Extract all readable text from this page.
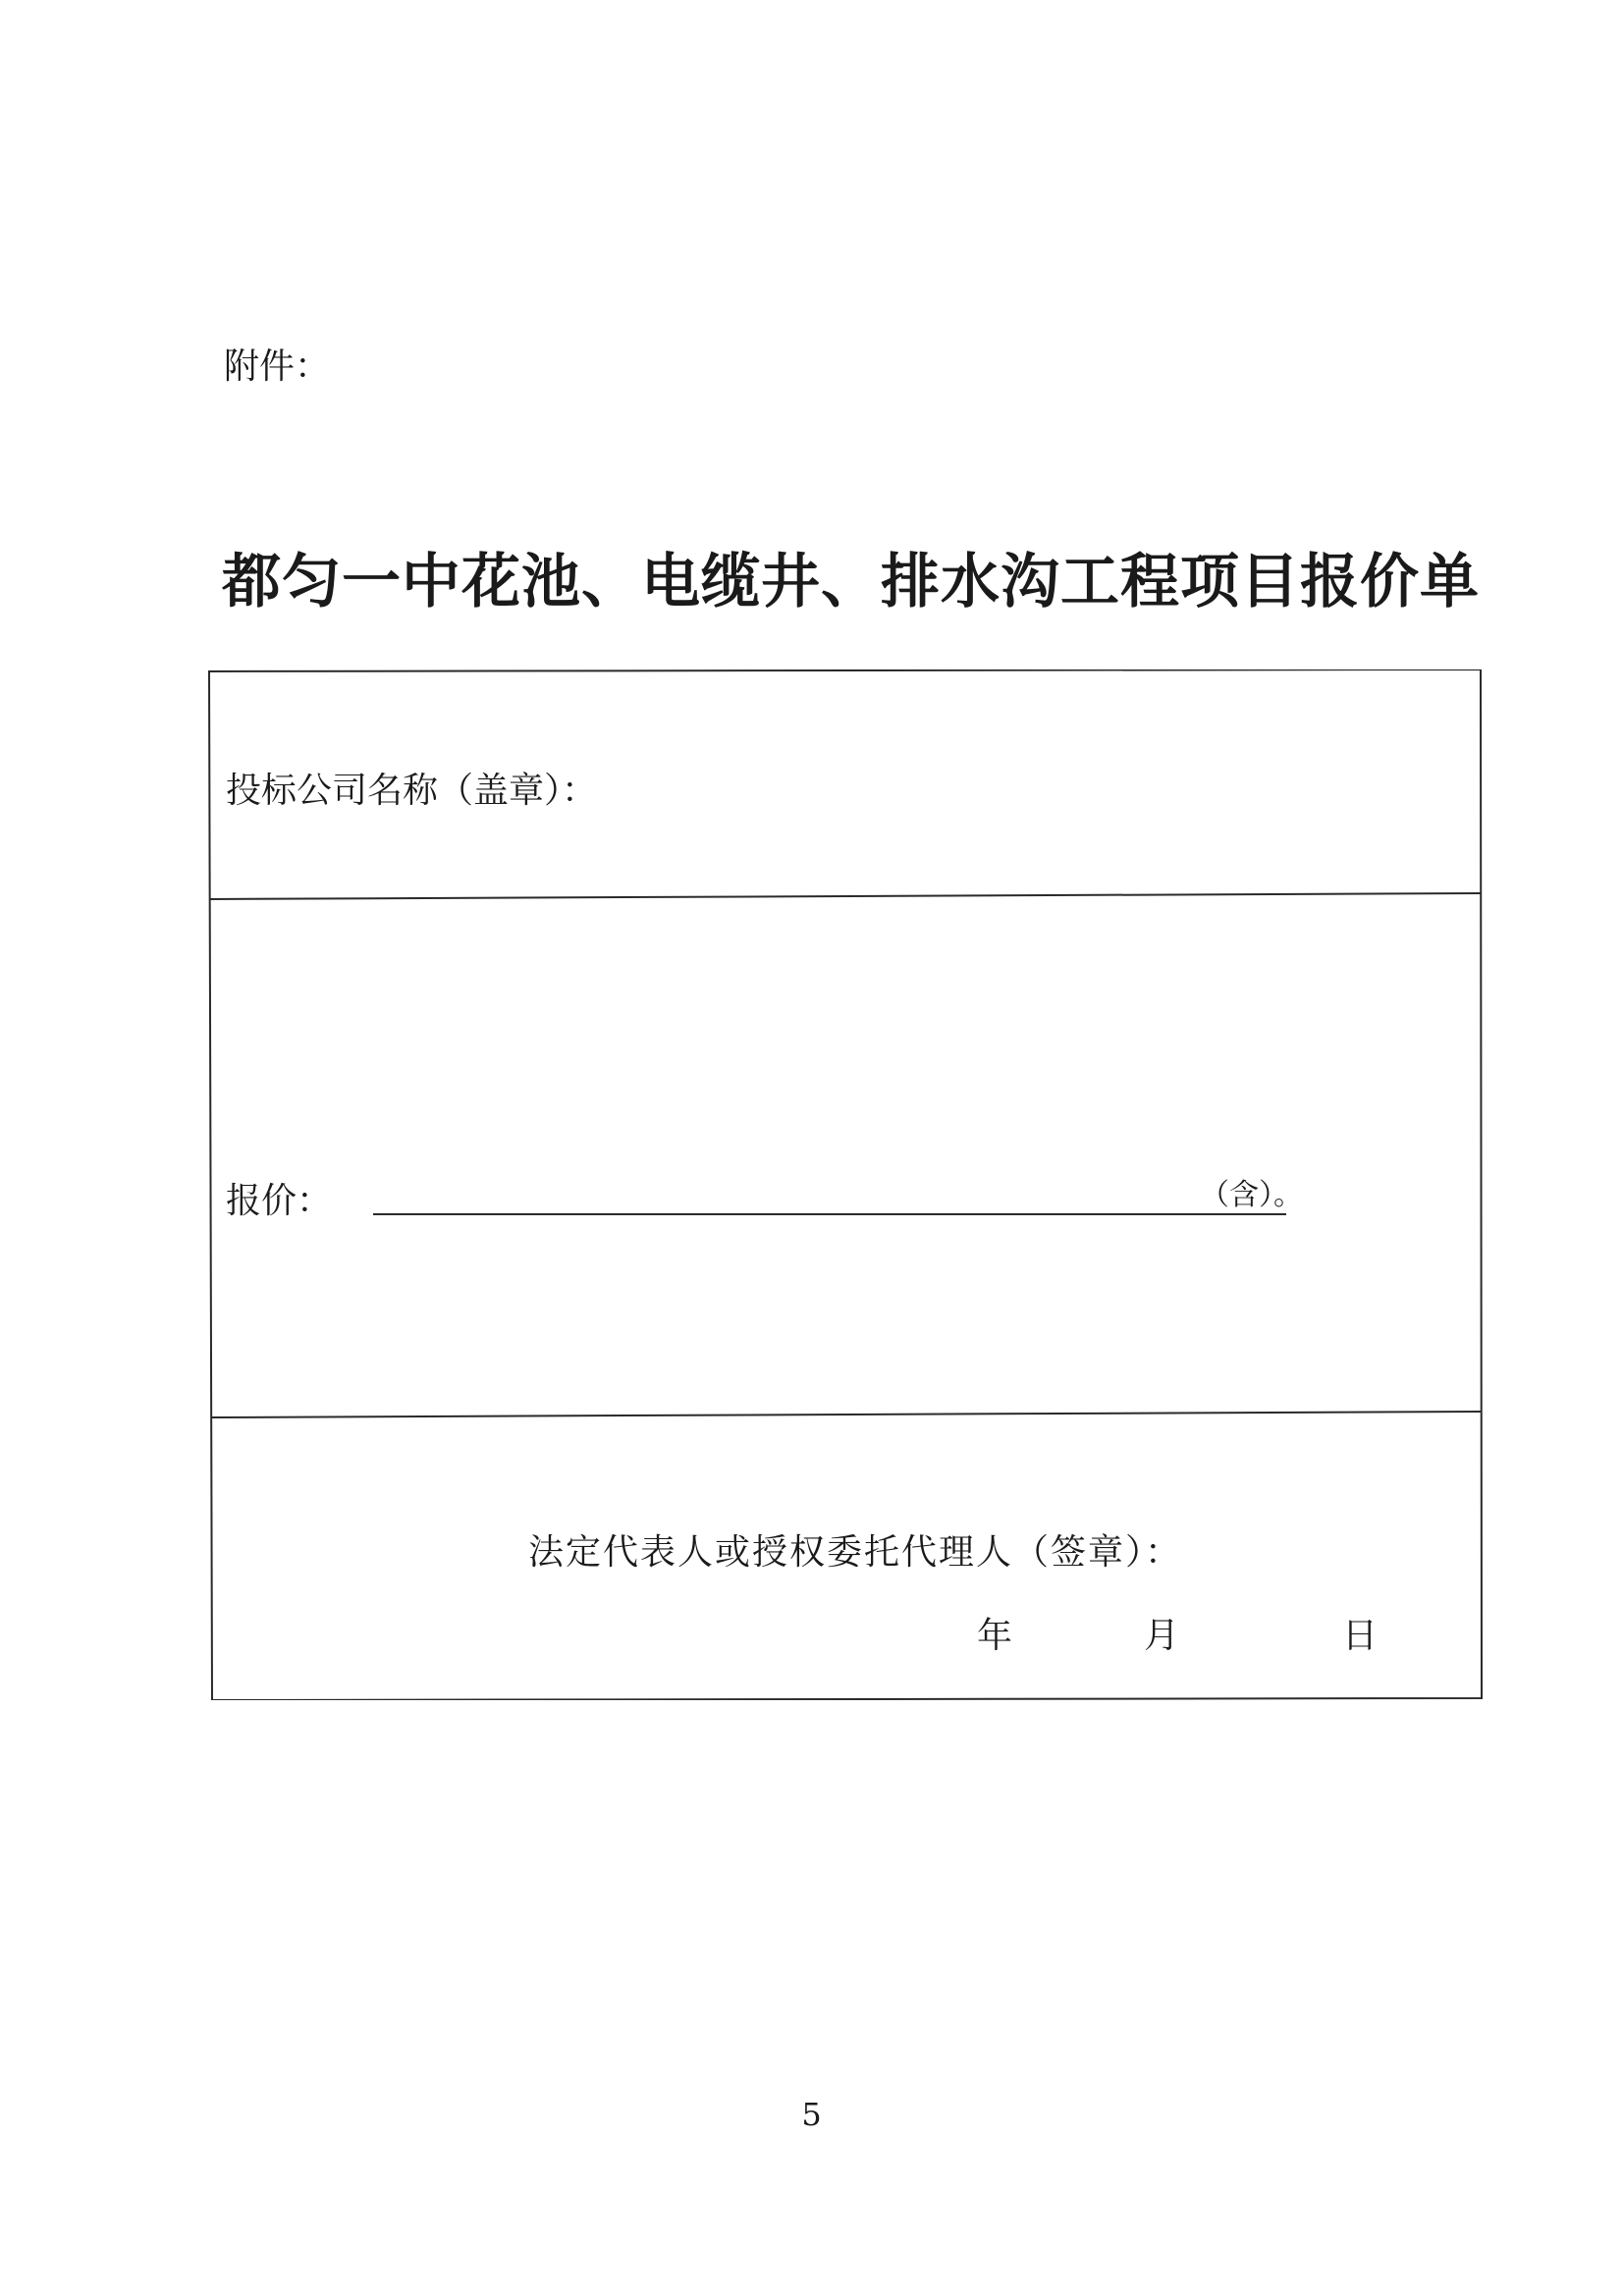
附件：
都匀一中花池、电缆井、排水沟工程项目报价单
投标公司名称（盖章）：
报价：	（含）。
法定代表人或授权委托代理人（签章）：
年	月	日
5
